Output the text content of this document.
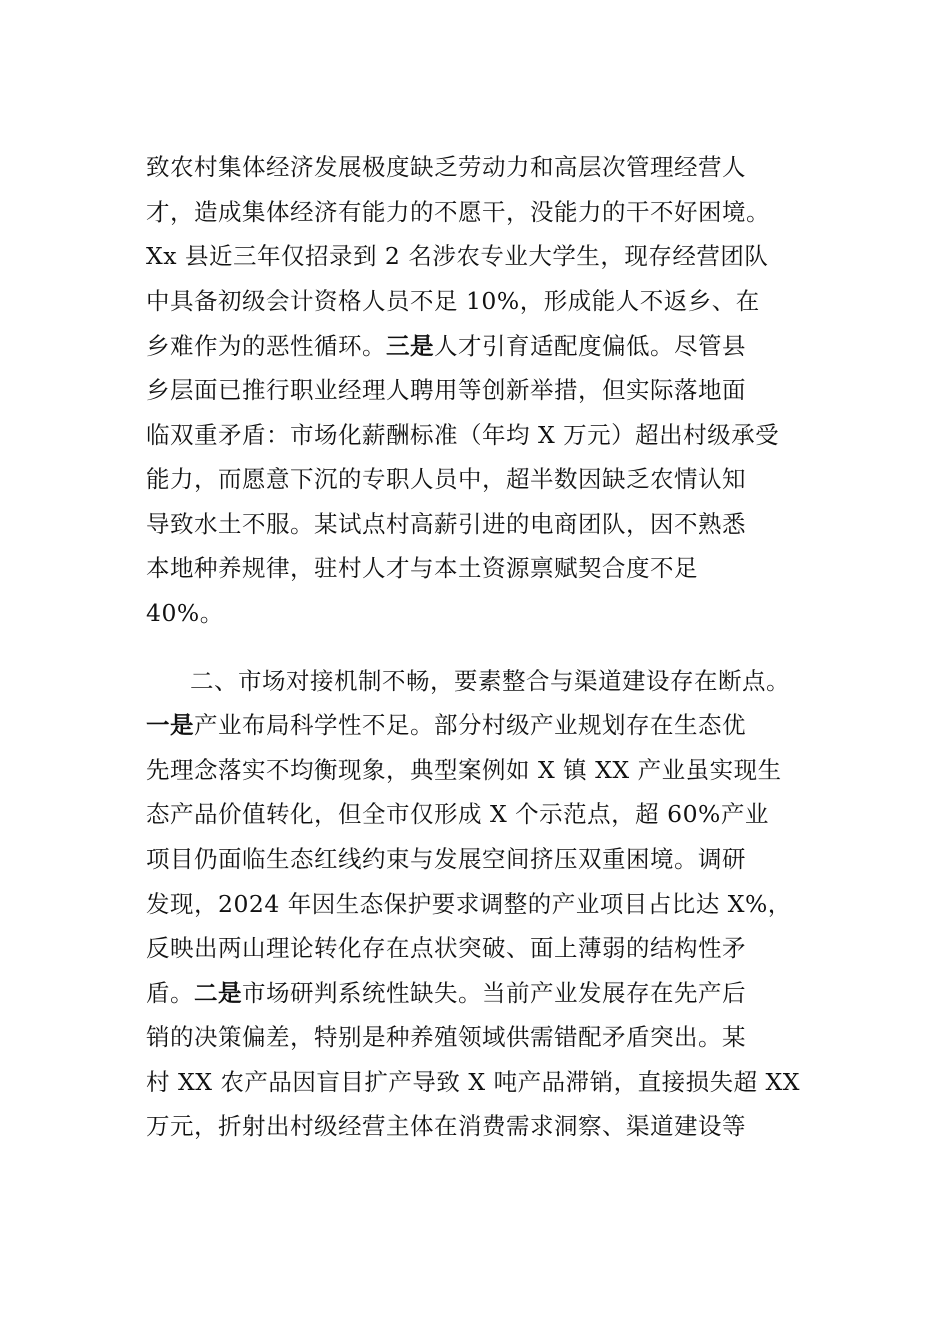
致农村集体经济发展极度缺乏劳动力和高层次管理经营人
才，造成集体经济有能力的不愿干，没能力的干不好困境。
Xx 县近三年仅招录到 2 名涉农专业大学生，现存经营团队
中具备初级会计资格人员不足 10%，形成能人不返乡、在
乡难作为的恶性循环。三是人才引育适配度偏低。尽管县
乡层面已推行职业经理人聘用等创新举措，但实际落地面
临双重矛盾：市场化薪酬标准（年均 X 万元）超出村级承受
能力，而愿意下沉的专职人员中，超半数因缺乏农情认知
导致水土不服。某试点村高薪引进的电商团队，因不熟悉
本地种养规律，驻村人才与本土资源禀赋契合度不足
40%。
二、市场对接机制不畅，要素整合与渠道建设存在断点。
一是产业布局科学性不足。部分村级产业规划存在生态优
先理念落实不均衡现象，典型案例如 X 镇 XX 产业虽实现生
态产品价值转化，但全市仅形成 X 个示范点，超 60%产业
项目仍面临生态红线约束与发展空间挤压双重困境。调研
发现，2024 年因生态保护要求调整的产业项目占比达 X%，
反映出两山理论转化存在点状突破、面上薄弱的结构性矛
盾。二是市场研判系统性缺失。当前产业发展存在先产后
销的决策偏差，特别是种养殖领域供需错配矛盾突出。某
村 XX 农产品因盲目扩产导致 X 吨产品滞销，直接损失超 XX
万元，折射出村级经营主体在消费需求洞察、渠道建设等
